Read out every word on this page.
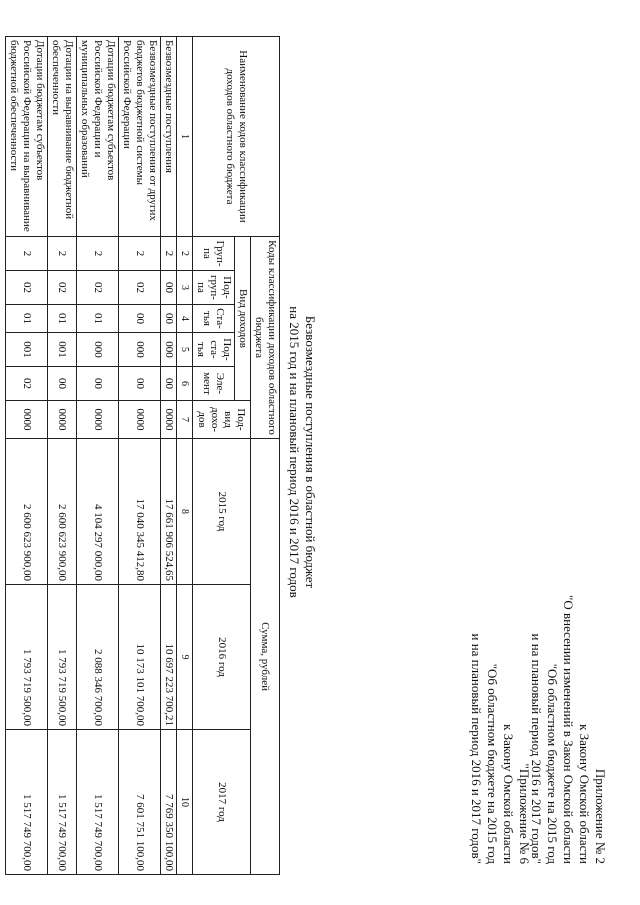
Приложение № 2
к Закону Омской области
"О внесении изменений в Закон Омской области
"Об областном бюджете на 2015 год
и на плановый период 2016 и 2017 годов"
"Приложение № 6
к Закону Омской области
"Об областном бюджете на 2015 год
и на плановый период 2016 и 2017 годов"
Безвозмездные поступления в областной бюджет
на 2015 год и на плановый период 2016 и 2017 годов
Наименование кодов классификации доходов областного бюджета	Коды классификации доходов областного бюджета						Сумма, рублей		
	Вид доходов					Под- вид дохо- дов	2015 год	2016 год	2017 год
	Груп- па	Под- груп- па	Ста- тья	Под- ста- тья	Эле- мент				
1	2	3	4	5	6	7	8	9	10
Безвозмездные поступления	2	00	00	000	00	0000	17 661 906 524,65	10 697 223 700,21	7 769 350 100,00
Безвозмездные поступления от других бюджетов бюджетной системы Российской Федерации	2	02	00	000	00	0000	17 040 345 412,80	10 173 101 700,00	7 601 751 100,00
Дотации бюджетам субъектов Российской Федерации и муниципальных образований	2	02	01	000	00	0000	4 104 297 000,00	2 088 346 700,00	1 517 749 700,00
Дотации на выравнивание бюджетной обеспеченности	2	02	01	001	00	0000	2 600 623 900,00	1 793 719 500,00	1 517 749 700,00
Дотации бюджетам субъектов Российской Федерации на выравнивание бюджетной обеспеченности	2	02	01	001	02	0000	2 600 623 900,00	1 793 719 500,00	1 517 749 700,00
